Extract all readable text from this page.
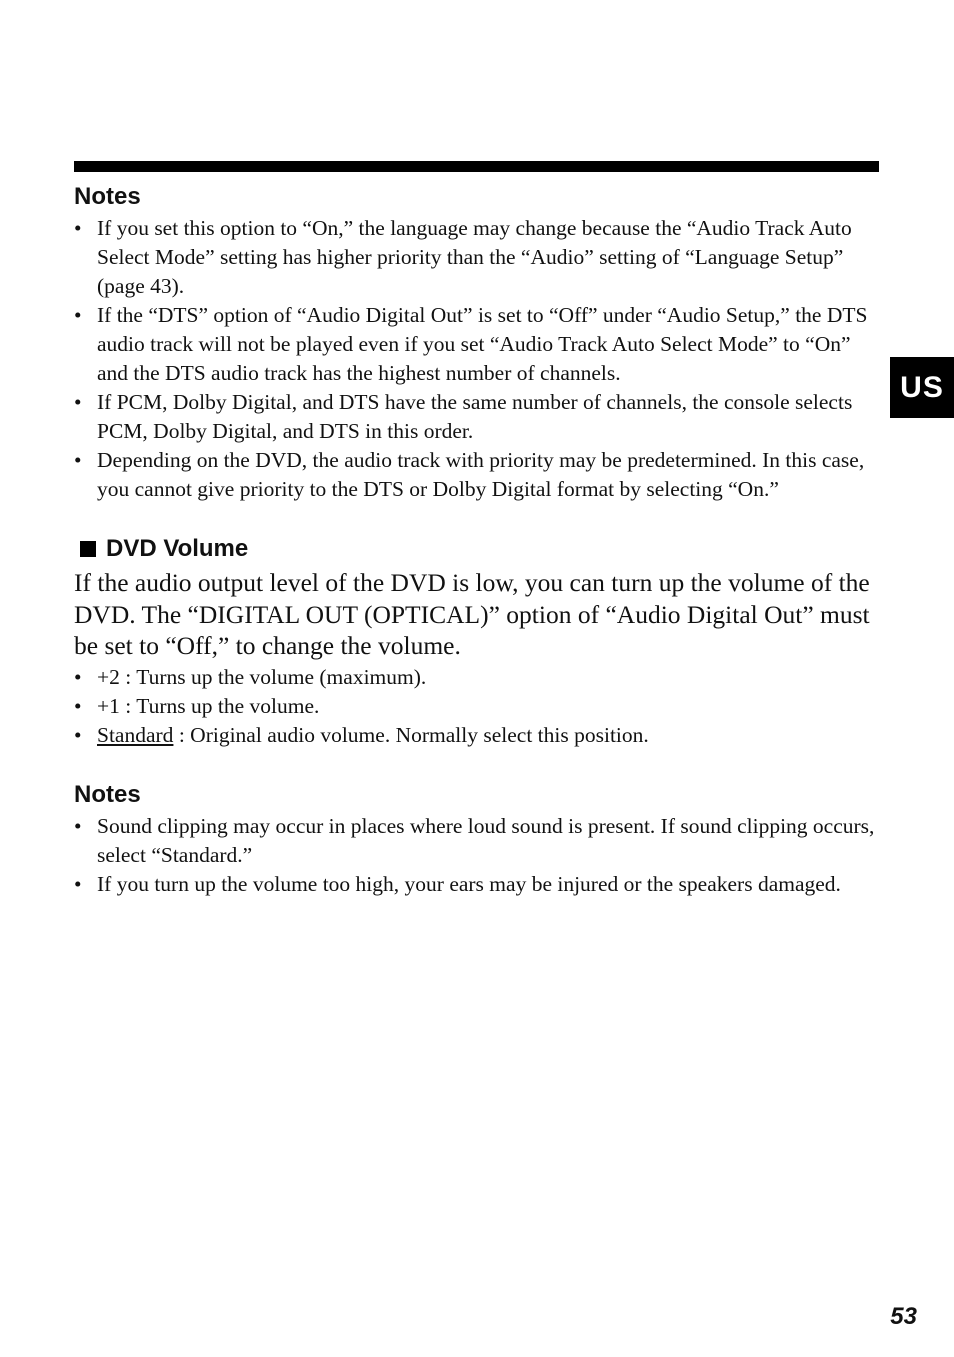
US
Notes
• If you set this option to “On,” the language may change because the “Audio Track Auto Select Mode” setting has higher priority than the “Audio” setting of “Language Setup” (page 43).
• If the “DTS” option of “Audio Digital Out” is set to “Off” under “Audio Setup,” the DTS audio track will not be played even if you set “Audio Track Auto Select Mode” to “On” and the DTS audio track has the highest number of channels.
• If PCM, Dolby Digital, and DTS have the same number of channels, the console selects PCM, Dolby Digital, and DTS in this order.
• Depending on the DVD, the audio track with priority may be predetermined. In this case, you cannot give priority to the DTS or Dolby Digital format by selecting “On.”
DVD Volume

If the audio output level of the DVD is low, you can turn up the volume of the DVD. The “DIGITAL OUT (OPTICAL)” option of “Audio Digital Out” must be set to “Off,” to change the volume.

• +2 : Turns up the volume (maximum).
• +1 : Turns up the volume.
• Standard : Original audio volume. Normally select this position.
Notes
• Sound clipping may occur in places where loud sound is present. If sound clipping occurs, select “Standard.”
• If you turn up the volume too high, your ears may be injured or the speakers damaged.
53
